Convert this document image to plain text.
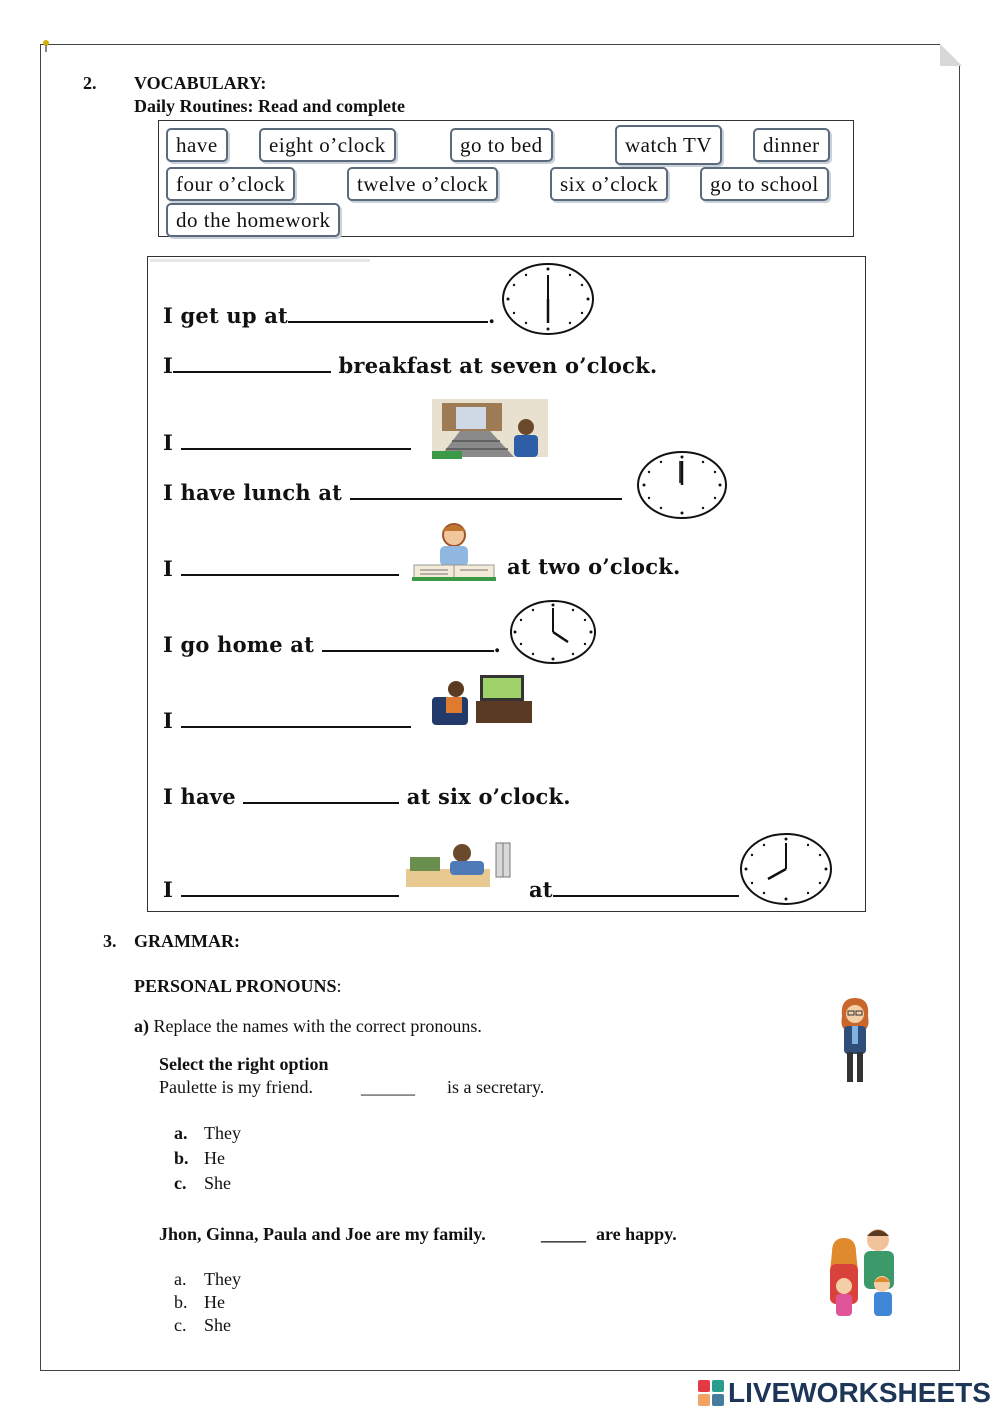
2. VOCABULARY:
Daily Routines: Read and complete
have	eight o’clock	go to bed	watch TV	dinner
four o’clock	twelve o’clock	six o’clock	go to school
do the homework
I get up at	.
I	breakfast at seven o’clock.
I
I have lunch at
I	at two o’clock.
I go home at	.
I
I have	at six o’clock.
I	at
3. GRAMMAR:
PERSONAL PRONOUNS:
a) Replace the names with the correct pronouns.
Select the right option
Paulette is my friend.	______ is a secretary.
a. They
b. He
c. She
Jhon, Ginna, Paula and Joe are my family.	_____ are happy.
a. They
b. He
c. She
LIVEWORKSHEETS
